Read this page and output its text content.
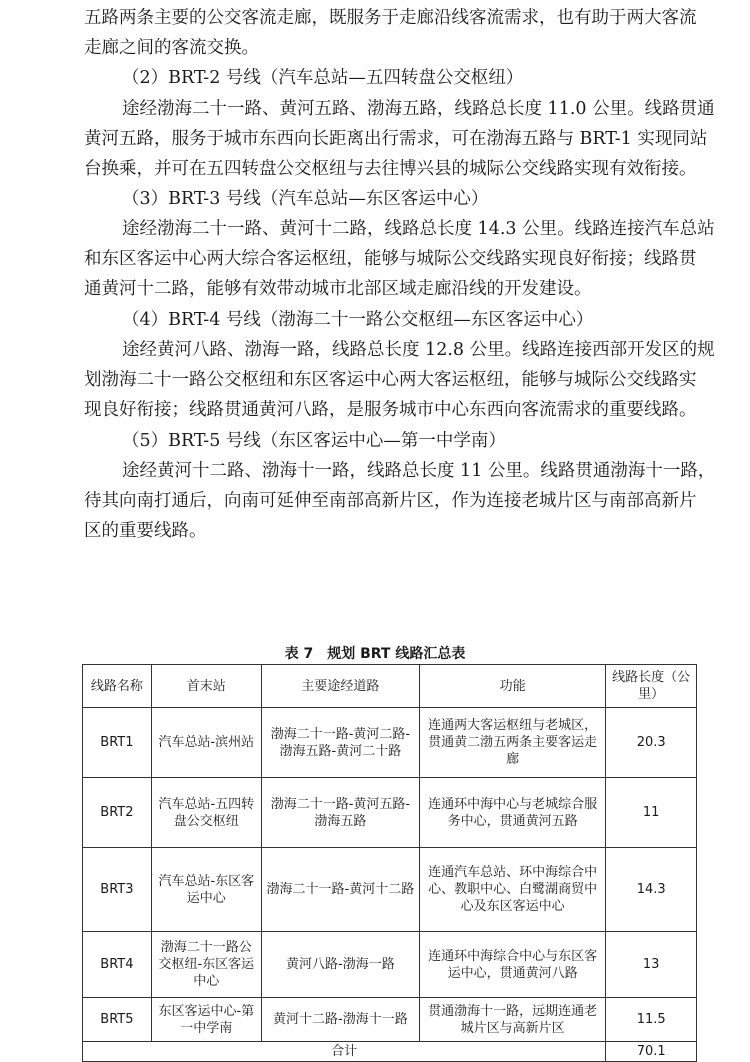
五路两条主要的公交客流走廊，既服务于走廊沿线客流需求，也有助于两大客流
走廊之间的客流交换。
（2）BRT-2 号线（汽车总站—五四转盘公交枢纽）
途经渤海二十一路、黄河五路、渤海五路，线路总长度 11.0 公里。线路贯通
黄河五路，服务于城市东西向长距离出行需求，可在渤海五路与 BRT-1 实现同站
台换乘，并可在五四转盘公交枢纽与去往博兴县的城际公交线路实现有效衔接。
（3）BRT-3 号线（汽车总站—东区客运中心）
途经渤海二十一路、黄河十二路，线路总长度 14.3 公里。线路连接汽车总站
和东区客运中心两大综合客运枢纽，能够与城际公交线路实现良好衔接；线路贯
通黄河十二路，能够有效带动城市北部区域走廊沿线的开发建设。
（4）BRT-4 号线（渤海二十一路公交枢纽—东区客运中心）
途经黄河八路、渤海一路，线路总长度 12.8 公里。线路连接西部开发区的规
划渤海二十一路公交枢纽和东区客运中心两大客运枢纽，能够与城际公交线路实
现良好衔接；线路贯通黄河八路，是服务城市中心东西向客流需求的重要线路。
（5）BRT-5 号线（东区客运中心—第一中学南）
途经黄河十二路、渤海十一路，线路总长度 11 公里。线路贯通渤海十一路，
待其向南打通后，向南可延伸至南部高新片区，作为连接老城片区与南部高新片
区的重要线路。
表 7　规划 BRT 线路汇总表
线路名称	首末站	主要途经道路	功能	线路长度（公里）
BRT1	汽车总站-滨州站	渤海二十一路-黄河二路-渤海五路-黄河二十路	连通两大客运枢纽与老城区，贯通黄二渤五两条主要客运走廊	20.3
BRT2	汽车总站-五四转盘公交枢纽	渤海二十一路-黄河五路-渤海五路	连通环中海中心与老城综合服务中心，贯通黄河五路	11
BRT3	汽车总站-东区客运中心	渤海二十一路-黄河十二路	连通汽车总站、环中海综合中心、教职中心、白鹭湖商贸中心及东区客运中心	14.3
BRT4	渤海二十一路公交枢纽-东区客运中心	黄河八路-渤海一路	连通环中海综合中心与东区客运中心，贯通黄河八路	13
BRT5	东区客运中心-第一中学南	黄河十二路-渤海十一路	贯通渤海十一路，远期连通老城片区与高新片区	11.5
合计				70.1
